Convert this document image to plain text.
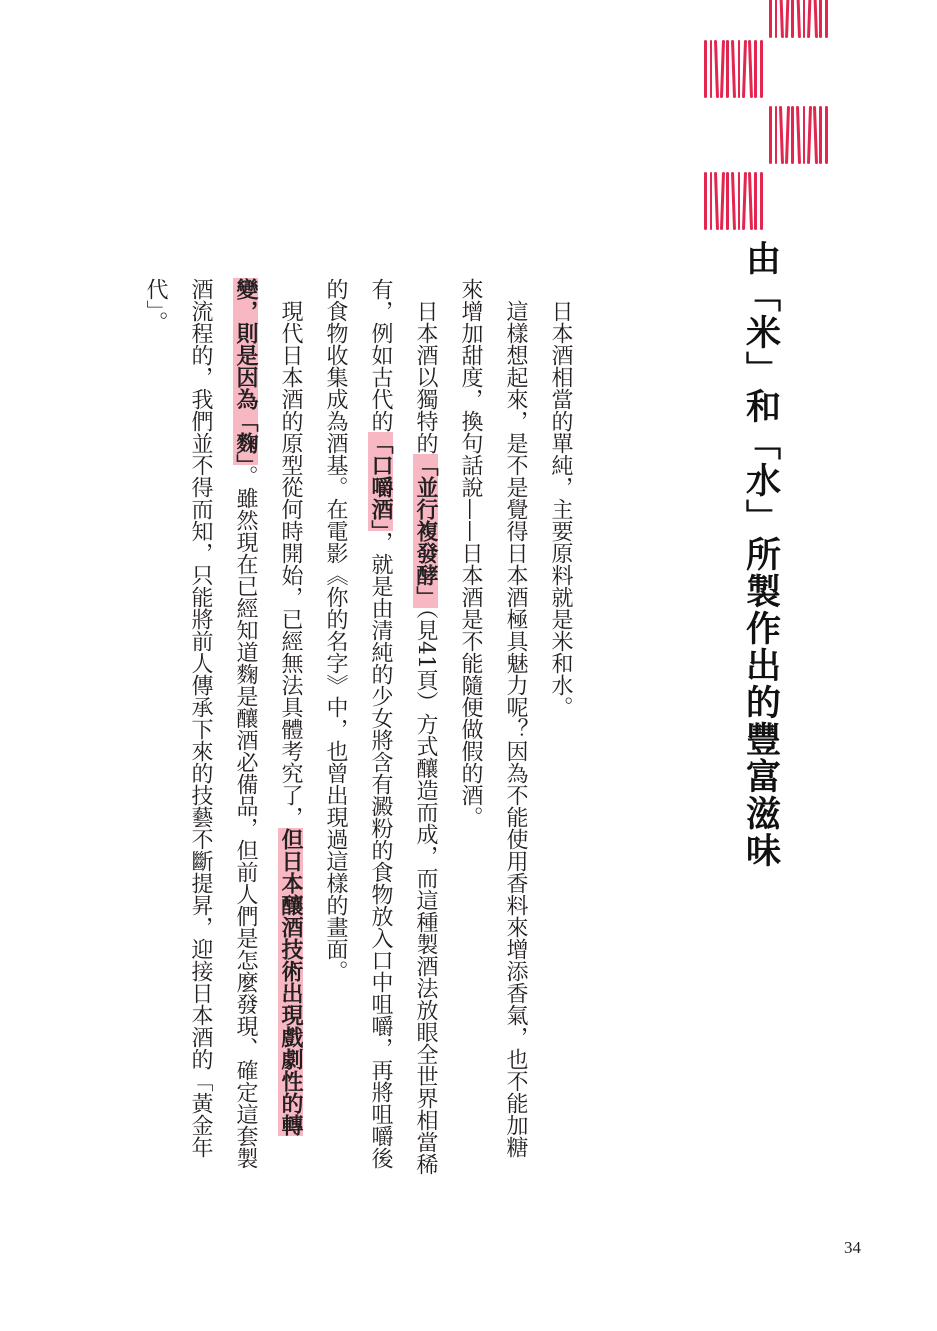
由「米」和「水」所製作出的豐富滋味

日本酒相當的單純，主要原料就是米和水。

這樣想起來，是不是覺得日本酒極具魅力呢？因為不能使用香料來增添香氣，也不能加糖來增加甜度，換句話說——日本酒是不能隨便做假的酒。

日本酒以獨特的「並行複發酵」（見41頁）方式釀造而成，而這種製酒法放眼全世界相當稀有，例如古代的「口嚼酒」，就是由清純的少女將含有澱粉的食物放入口中咀嚼，再將咀嚼後的食物收集成為酒基。在電影《你的名字》中，也曾出現過這樣的畫面。

現代日本酒的原型從何時開始，已經無法具體考究了，但日本釀酒技術出現戲劇性的轉變，則是因為「麴」。雖然現在已經知道麴是釀酒必備品，但前人們是怎麼發現、確定這套製酒流程的，我們並不得而知，只能將前人傳承下來的技藝不斷提昇，迎接日本酒的「黃金年代」。

34
